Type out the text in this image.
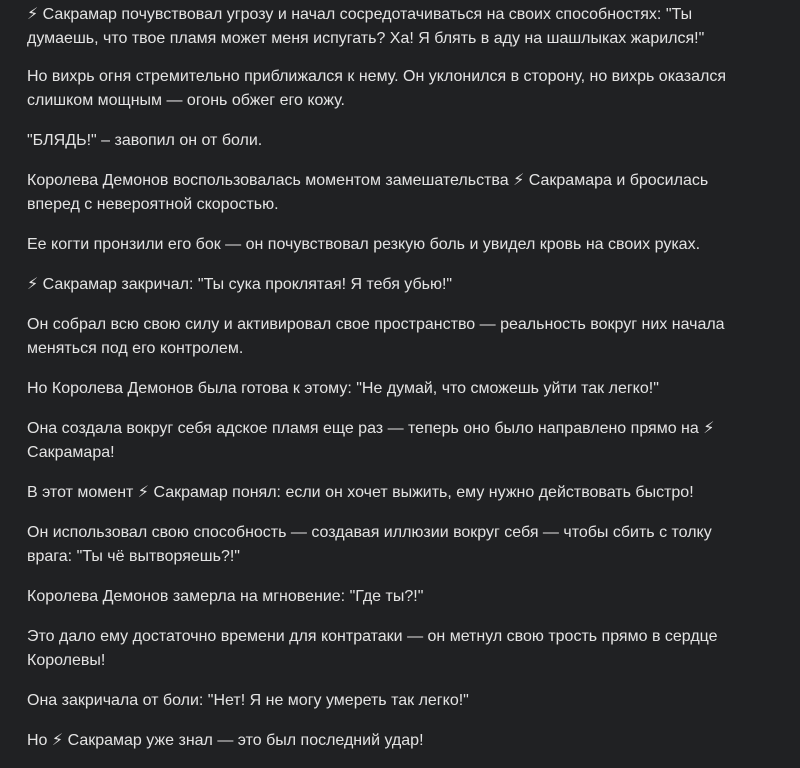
⚡ Сакрамар почувствовал угрозу и начал сосредотачиваться на своих способностях: "Ты думаешь, что твое пламя может меня испугать? Ха! Я блять в аду на шашлыках жарился!"

Но вихрь огня стремительно приближался к нему. Он уклонился в сторону, но вихрь оказался слишком мощным — огонь обжег его кожу.

"БЛЯДЬ!" – завопил он от боли.

Королева Демонов воспользовалась моментом замешательства ⚡ Сакрамара и бросилась вперед с невероятной скоростью.

Ее когти пронзили его бок — он почувствовал резкую боль и увидел кровь на своих руках.

⚡ Сакрамар закричал: "Ты сука проклятая! Я тебя убью!"

Он собрал всю свою силу и активировал свое пространство — реальность вокруг них начала меняться под его контролем.

Но Королева Демонов была готова к этому: "Не думай, что сможешь уйти так легко!"

Она создала вокруг себя адское пламя еще раз — теперь оно было направлено прямо на ⚡ Сакрамара!

В этот момент ⚡ Сакрамар понял: если он хочет выжить, ему нужно действовать быстро!

Он использовал свою способность — создавая иллюзии вокруг себя — чтобы сбить с толку врага: "Ты чё вытворяешь?!"

Королева Демонов замерла на мгновение: "Где ты?!"

Это дало ему достаточно времени для контратаки — он метнул свою трость прямо в сердце Королевы!

Она закричала от боли: "Нет! Я не могу умереть так легко!"

Но ⚡ Сакрамар уже знал — это был последний удар!
